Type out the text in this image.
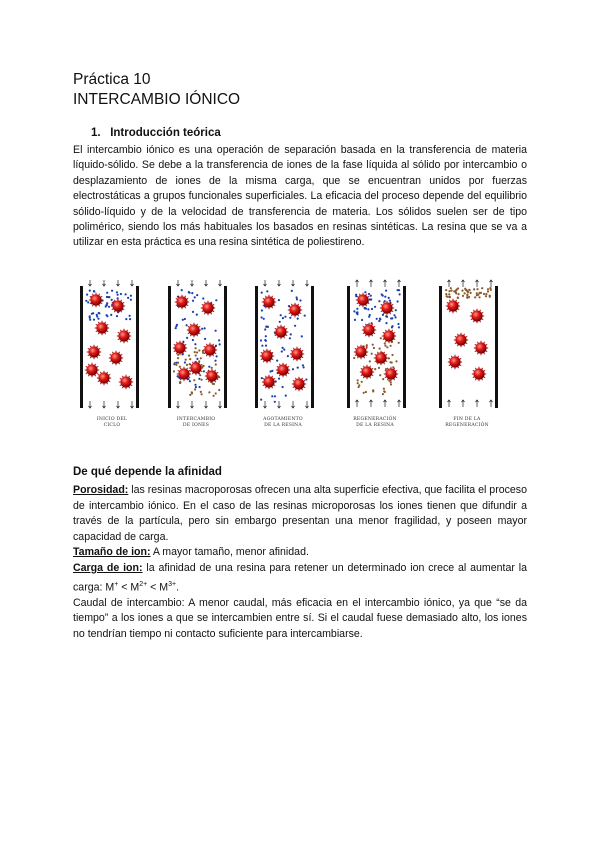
Práctica 10
INTERCAMBIO IÓNICO
1. Introducción teórica

El intercambio iónico es una operación de separación basada en la transferencia de materia líquido-sólido. Se debe a la transferencia de iones de la fase líquida al sólido por intercambio o desplazamiento de iones de la misma carga, que se encuentran unidos por fuerzas electrostáticas a grupos funcionales superficiales. La eficacia del proceso depende del equilibrio sólido-líquido y de la velocidad de transferencia de materia. Los sólidos suelen ser de tipo polimérico, siendo los más habituales los basados en resinas sintéticas. La resina que se va a utilizar en esta práctica es una resina sintética de poliestireno.

INICIO DEL
CICLO
INTERCAMBIO
DE IONES
AGOTAMIENTO
DE LA RESINA
REGENERACIÓN
DE LA RESINA
FIN DE LA
REGENERACIÓN
De qué depende la afinidad

Porosidad: las resinas macroporosas ofrecen una alta superficie efectiva, que facilita el proceso de intercambio iónico. En el caso de las resinas microporosas los iones tienen que difundir a través de la partícula, pero sin embargo presentan una menor fragilidad, y poseen mayor capacidad de carga.

Tamaño de ion: A mayor tamaño, menor afinidad.

Carga de ion: la afinidad de una resina para retener un determinado ion crece al aumentar la carga: $M^+ < M^{2+} < M^{3+}$.

Caudal de intercambio: A menor caudal, más eficacia en el intercambio iónico, ya que “se da tiempo” a los iones a que se intercambien entre sí. Si el caudal fuese demasiado alto, los iones no tendrían tiempo ni contacto suficiente para intercambiarse.
